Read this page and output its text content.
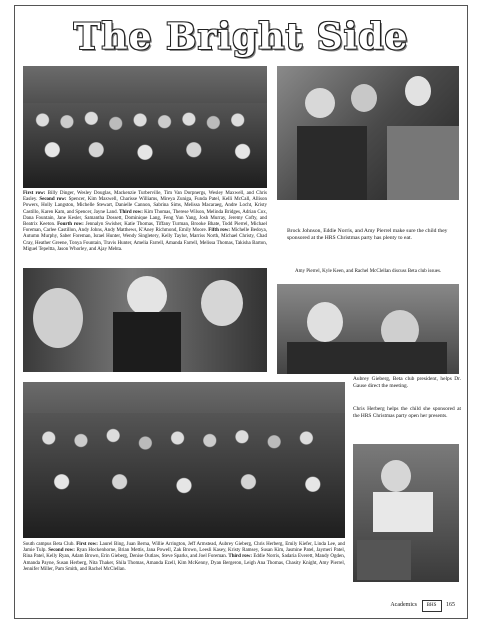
The Bright Side
First row: Billy Dinger, Wesley Douglas, Mackenzie Turberville, Tim Van Dorpnergs, Wesley Maxwell, and Chris Easley. Second row: Spencer, Kim Maxwell, Charisse Williams, Mireya Zuniga, Funda Patel, Kelli McCall, Allison Powers, Holly Langston, Michelle Stewart, Danielle Cannon, Sabrina Sims, Melissa Macaraeg, Andre Locht, Kristy Castillo, Karen Kam, and Spencer, Jayne Land. Third row: Kim Thomas, Therese Wilson, Melinda Bridges, Adrian Cox, Dana Fountain, Jane Kesler, Samantha Dossett, Dominique Lang, Feng Yun Yang, Josh Murray, Jeremy Cofty, and Beatrix Keeton. Fourth row: Jennalyn Swisher, Katie Thomas, Tiffany Turman, Brooke Bhate, Todd Pierrel, Michael Foreman, Carlee Castillon, Andy Johns, Andy Matthews, K'Aney Richmond, Emily Moore. Fifth row: Michelle Bedoya, Autumn Murphy, Saber Foreman, Israel Hunter, Wendy Singletery, Kelly Taylor, Marriss North, Michael Christy, Chad Cray, Heather Greene, Tonya Fountain, Travis Hunter, Amelia Farrell, Amanda Farrell, Melissa Thomas, Takisha Barton, Miguel Tepeltta, Jason Whorley, and Ajay Mehta.
Brock Johnson, Eddie Norris, and Amy Pierrel make sure the child they sponsored at the HRS Christmas party has plenty to eat.
Amy Pierrel, Kyle Keen, and Rachel McClellan discuss Beta club issues.
Aubrey Gieberg, Beta club president, helps Dr. Gause direct the meeting.
Chris Herberg helps the child she sponsored at the HRS Christmas party open her presents.
South campus Beta Club. First row: Laurel Bing, Juan Berna, Willie Arrington, Jeff Armstead, Aubrey Gieberg, Chris Herberg, Emily Kiefer, Linda Lee, and Jamie Tulp. Second row: Ryan Hockenhorne, Brian Mettis, Jana Powell, Zak Brown, Leesli Kasey, Kristy Ramsey, Susan Kim, Jasmine Patel, Jaymeri Patel, Rina Patel, Kelly Ryan, Adam Brown, Erin Gieberg, Denise Outlaw, Steve Sparks, and Joel Foreman. Third row: Eddie Norris, Sadaria Everett, Mandy Ogden, Amanda Payne, Susan Herberg, Nita Thaker, Shila Thomas, Amanda Ezell, Kim McKenny, Dyan Bergeron, Leigh Ana Thomas, Chasity Knight, Amy Pierrel, Jennifer Miller, Pam Smith, and Rachel McClellan.
Academics BHS 165
